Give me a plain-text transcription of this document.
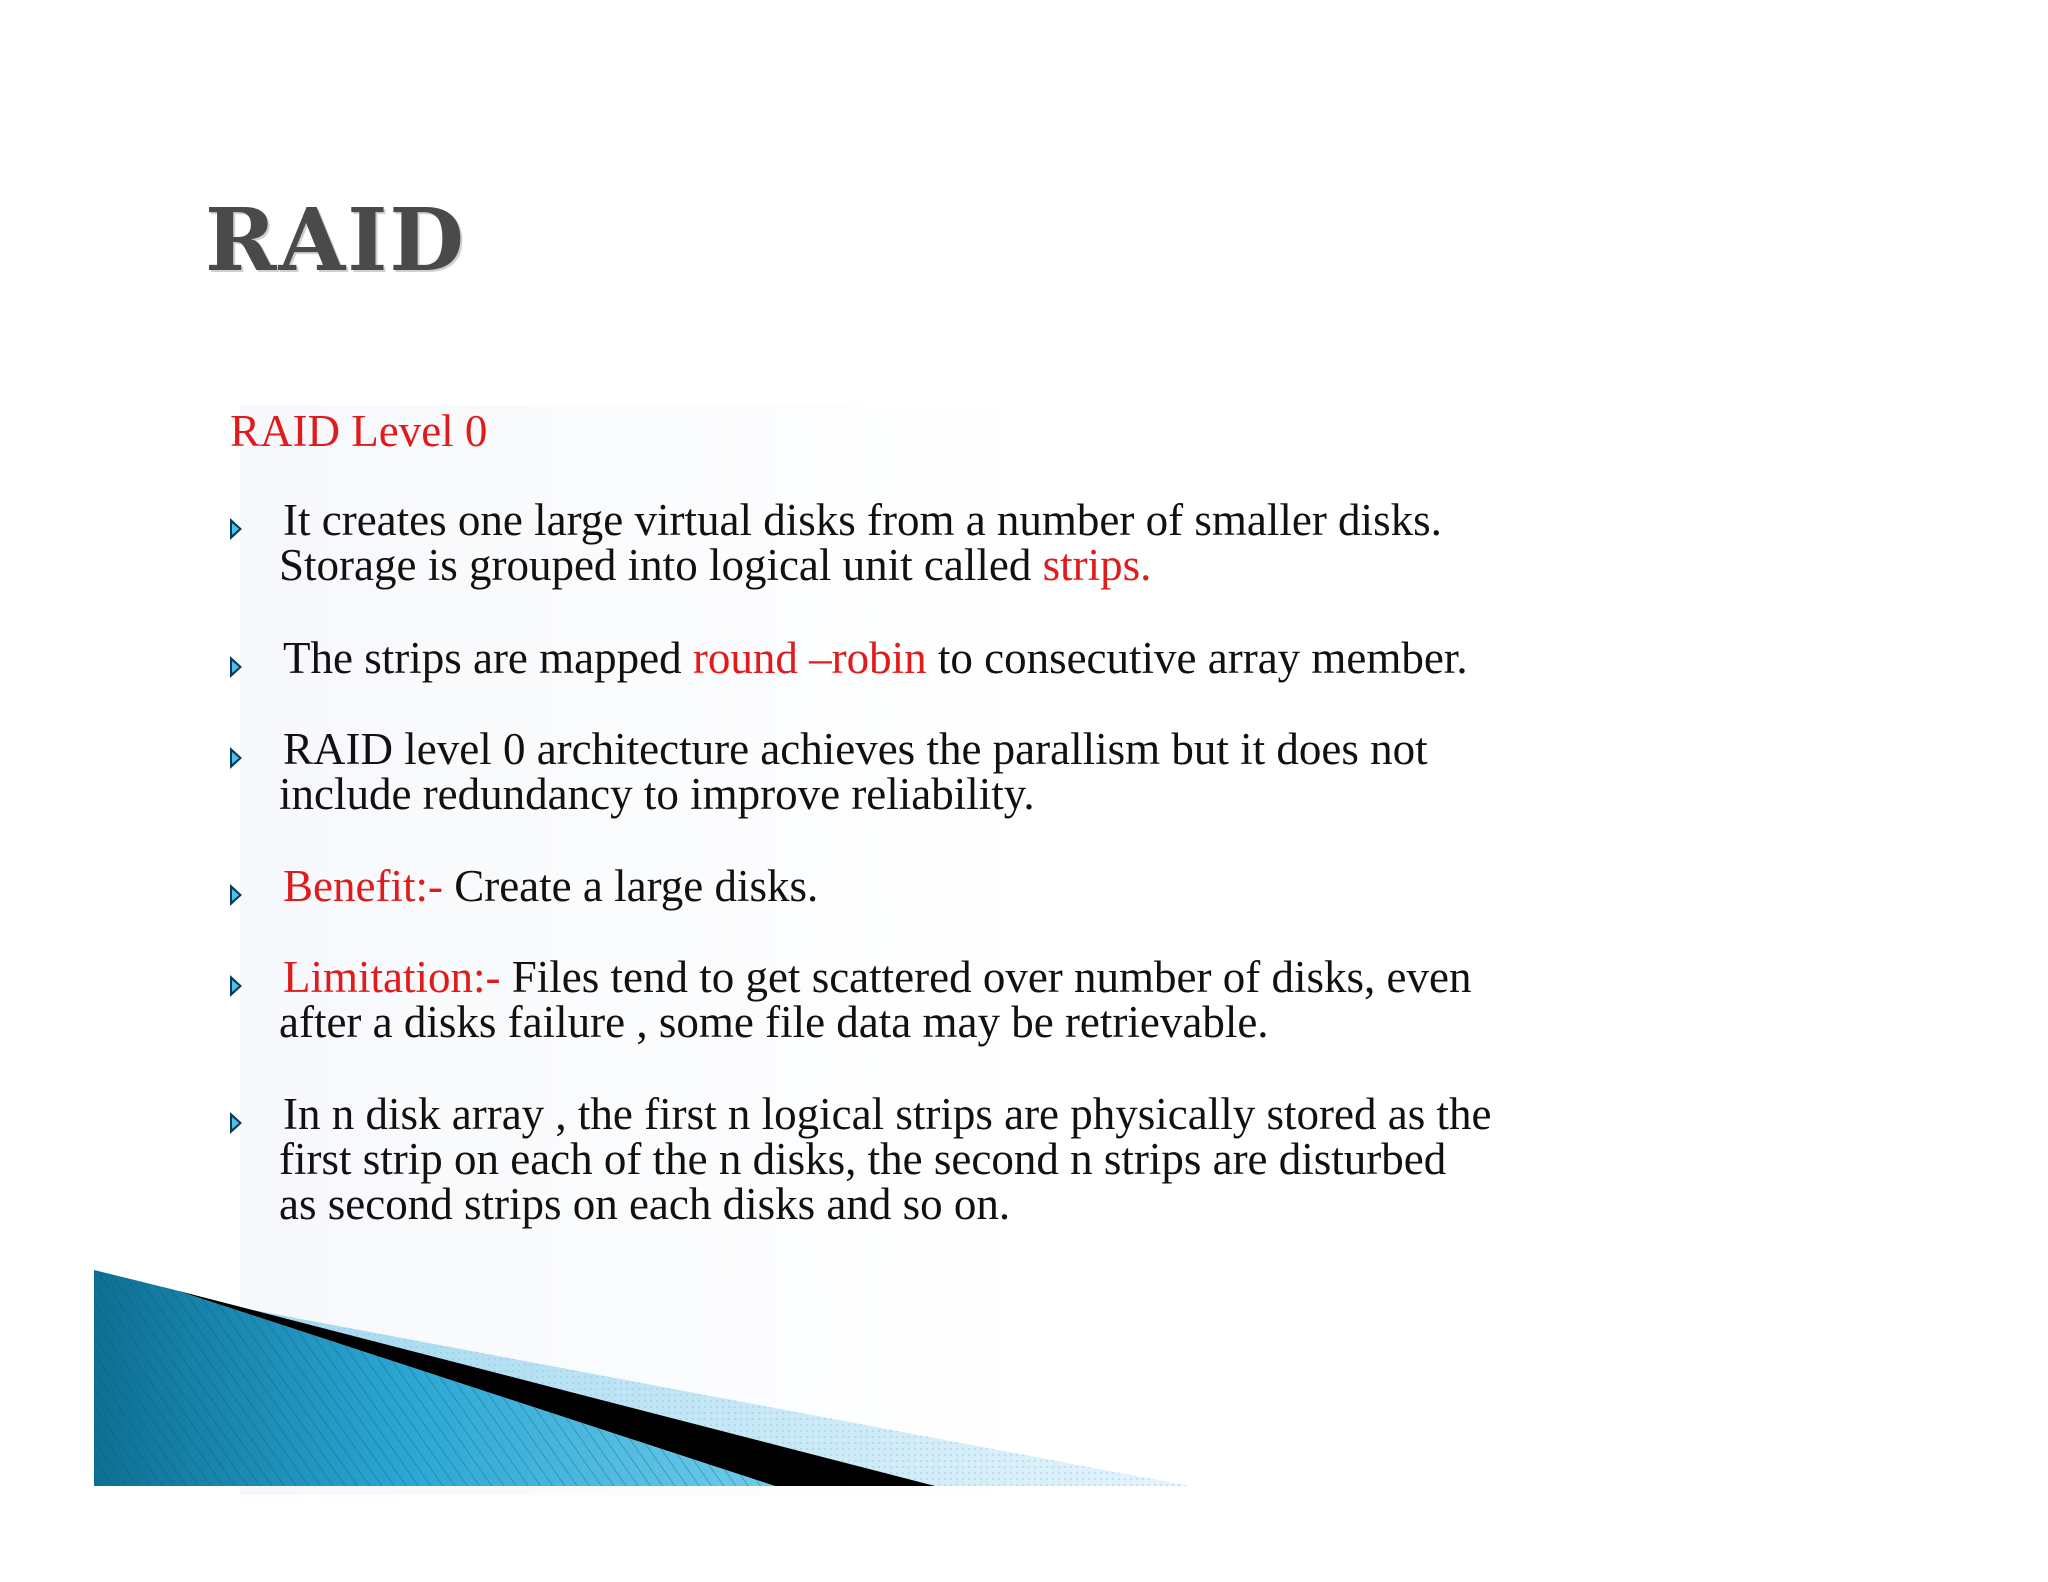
RAID
RAID Level 0
It creates one large virtual disks from a number of smaller disks.
Storage is grouped into logical unit called strips.
The strips are mapped round –robin to consecutive array member.
RAID level 0 architecture achieves the parallism but it does not
include redundancy to improve reliability.
Benefit:- Create a large disks.
Limitation:- Files tend to get scattered over number of disks, even
after a disks failure , some file data may be retrievable.
In n disk array , the first n logical strips are physically stored as the
first strip on each of the n disks, the second n strips are disturbed
as second strips on each disks and so on.
